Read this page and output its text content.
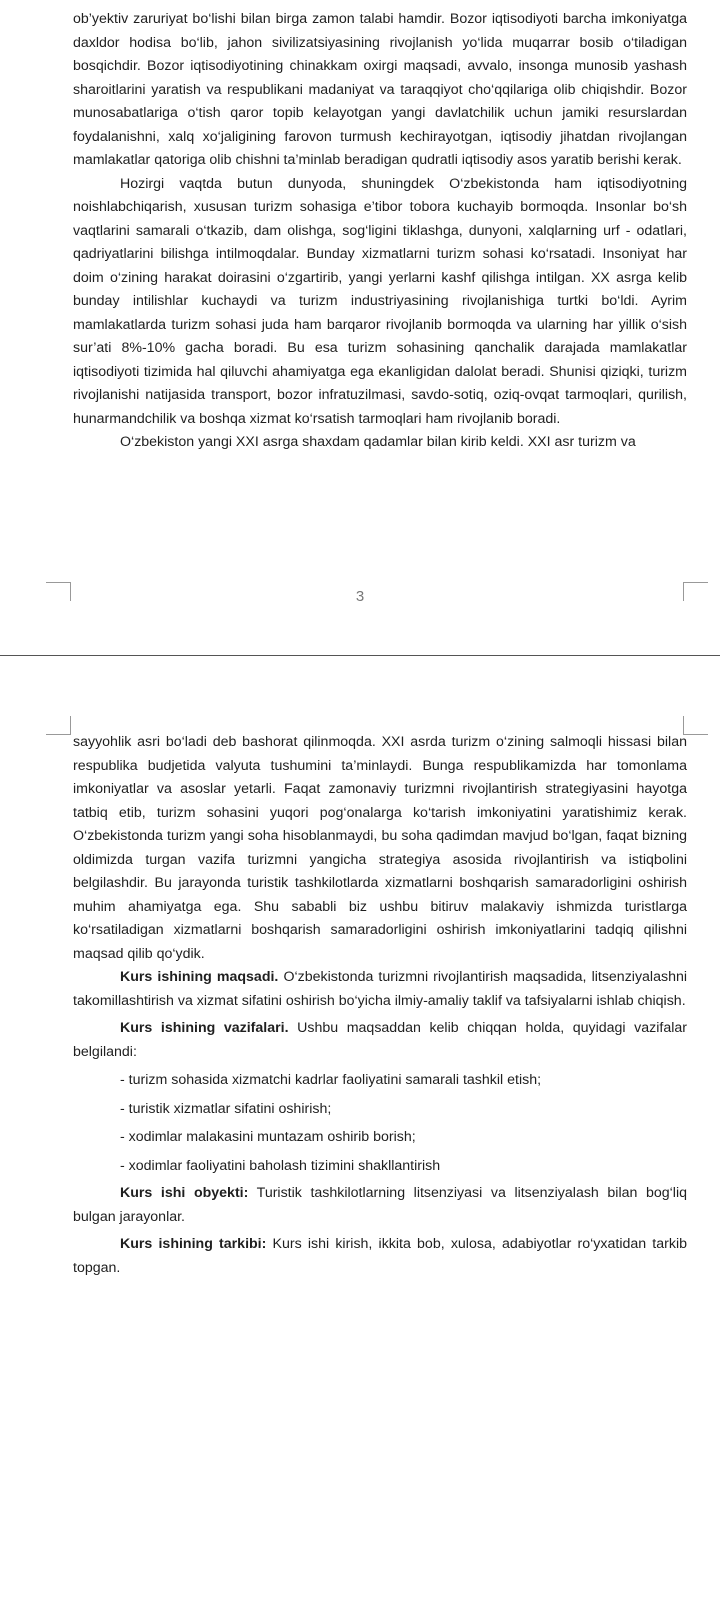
ob’yektiv zaruriyat bo‘lishi bilan birga zamon talabi hamdir. Bozor iqtisodiyoti barcha imkoniyatga daxldor hodisa bo‘lib, jahon sivilizatsiyasining rivojlanish yo‘lida muqarrar bosib o‘tiladigan bosqichdir. Bozor iqtisodiyotining chinakkam oxirgi maqsadi, avvalo, insonga munosib yashash sharoitlarini yaratish va respublikani madaniyat va taraqqiyot cho‘qqilariga olib chiqishdir. Bozor munosabatlariga o‘tish qaror topib kelayotgan yangi davlatchilik uchun jamiki resurslardan foydalanishni, xalq xo‘jaligining farovon turmush kechirayotgan, iqtisodiy jihatdan rivojlangan mamlakatlar qatoriga olib chishni ta’minlab beradigan qudratli iqtisodiy asos yaratib berishi kerak.

Hozirgi vaqtda butun dunyoda, shuningdek O‘zbekistonda ham iqtisodiyotning noishlabchiqarish, xususan turizm sohasiga e’tibor tobora kuchayib bormoqda. Insonlar bo‘sh vaqtlarini samarali o‘tkazib, dam olishga, sog‘ligini tiklashga, dunyoni, xalqlarning urf - odatlari, qadriyatlarini bilishga intilmoqdalar. Bunday xizmatlarni turizm sohasi ko‘rsatadi. Insoniyat har doim o‘zining harakat doirasini o‘zgartirib, yangi yerlarni kashf qilishga intilgan. XX asrga kelib bunday intilishlar kuchaydi va turizm industriyasining rivojlanishiga turtki bo‘ldi. Ayrim mamlakatlarda turizm sohasi juda ham barqaror rivojlanib bormoqda va ularning har yillik o‘sish sur’ati 8%-10% gacha boradi. Bu esa turizm sohasining qanchalik darajada mamlakatlar iqtisodiyoti tizimida hal qiluvchi ahamiyatga ega ekanligidan dalolat beradi. Shunisi qiziqki, turizm rivojlanishi natijasida transport, bozor infratuzilmasi, savdo-sotiq, oziq-ovqat tarmoqlari, qurilish, hunarmandchilik va boshqa xizmat ko‘rsatish tarmoqlari ham rivojlanib boradi.

O‘zbekiston yangi XXI asrga shaxdam qadamlar bilan kirib keldi. XXI asr turizm va

3

sayyohlik asri bo‘ladi deb bashorat qilinmoqda. XXI asrda turizm o‘zining salmoqli hissasi bilan respublika budjetida valyuta tushumini ta’minlaydi. Bunga respublikamizda har tomonlama imkoniyatlar va asoslar yetarli. Faqat zamonaviy turizmni rivojlantirish strategiyasini hayotga tatbiq etib, turizm sohasini yuqori pog‘onalarga ko‘tarish imkoniyatini yaratishimiz kerak. O‘zbekistonda turizm yangi soha hisoblanmaydi, bu soha qadimdan mavjud bo‘lgan, faqat bizning oldimizda turgan vazifa turizmni yangicha strategiya asosida rivojlantirish va istiqbolini belgilashdir. Bu jarayonda turistik tashkilotlarda xizmatlarni boshqarish samaradorligini oshirish muhim ahamiyatga ega. Shu sababli biz ushbu bitiruv malakaviy ishmizda turistlarga ko‘rsatiladigan xizmatlarni boshqarish samaradorligini oshirish imkoniyatlarini tadqiq qilishni maqsad qilib qo‘ydik.

Kurs ishining maqsadi. O‘zbekistonda turizmni rivojlantirish maqsadida, litsenziyalashni takomillashtirish va xizmat sifatini oshirish bo‘yicha ilmiy-amaliy taklif va tafsiyalarni ishlab chiqish.

Kurs ishining vazifalari. Ushbu maqsaddan kelib chiqqan holda, quyidagi vazifalar belgilandi:

- turizm sohasida xizmatchi kadrlar faoliyatini samarali tashkil etish;

- turistik xizmatlar sifatini oshirish;

- xodimlar malakasini muntazam oshirib borish;

- xodimlar faoliyatini baholash tizimini shakllantirish

Kurs ishi obyekti: Turistik tashkilotlarning litsenziyasi va litsenziyalash bilan bog‘liq bulgan jarayonlar.

Kurs ishining tarkibi: Kurs ishi kirish, ikkita bob, xulosa, adabiyotlar ro‘yxatidan tarkib topgan.
